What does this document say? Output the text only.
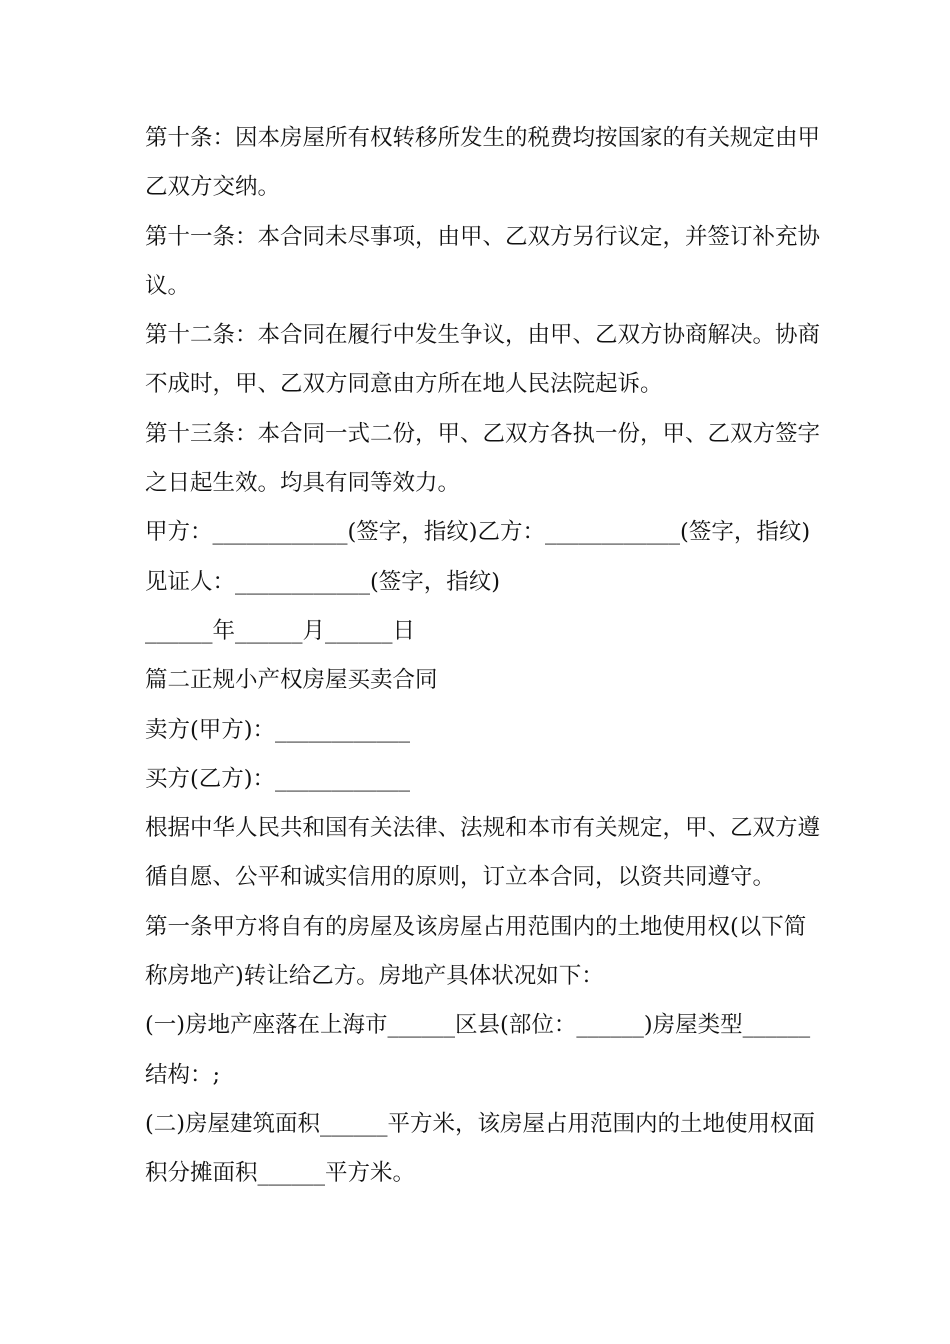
第十条：因本房屋所有权转移所发生的税费均按国家的有关规定由甲
乙双方交纳。
第十一条：本合同未尽事项，由甲、乙双方另行议定，并签订补充协
议。
第十二条：本合同在履行中发生争议，由甲、乙双方协商解决。协商
不成时，甲、乙双方同意由方所在地人民法院起诉。
第十三条：本合同一式二份，甲、乙双方各执一份，甲、乙双方签字
之日起生效。均具有同等效力。
甲方：____________(签字，指纹)乙方：____________(签字，指纹)
见证人：____________(签字，指纹)
______年______月______日
篇二正规小产权房屋买卖合同
卖方(甲方)：____________
买方(乙方)：____________
根据中华人民共和国有关法律、法规和本市有关规定，甲、乙双方遵
循自愿、公平和诚实信用的原则，订立本合同，以资共同遵守。
第一条甲方将自有的房屋及该房屋占用范围内的土地使用权(以下简
称房地产)转让给乙方。房地产具体状况如下：
(一)房地产座落在上海市______区县(部位：______)房屋类型______
结构：;
(二)房屋建筑面积______平方米，该房屋占用范围内的土地使用权面
积分摊面积______平方米。
